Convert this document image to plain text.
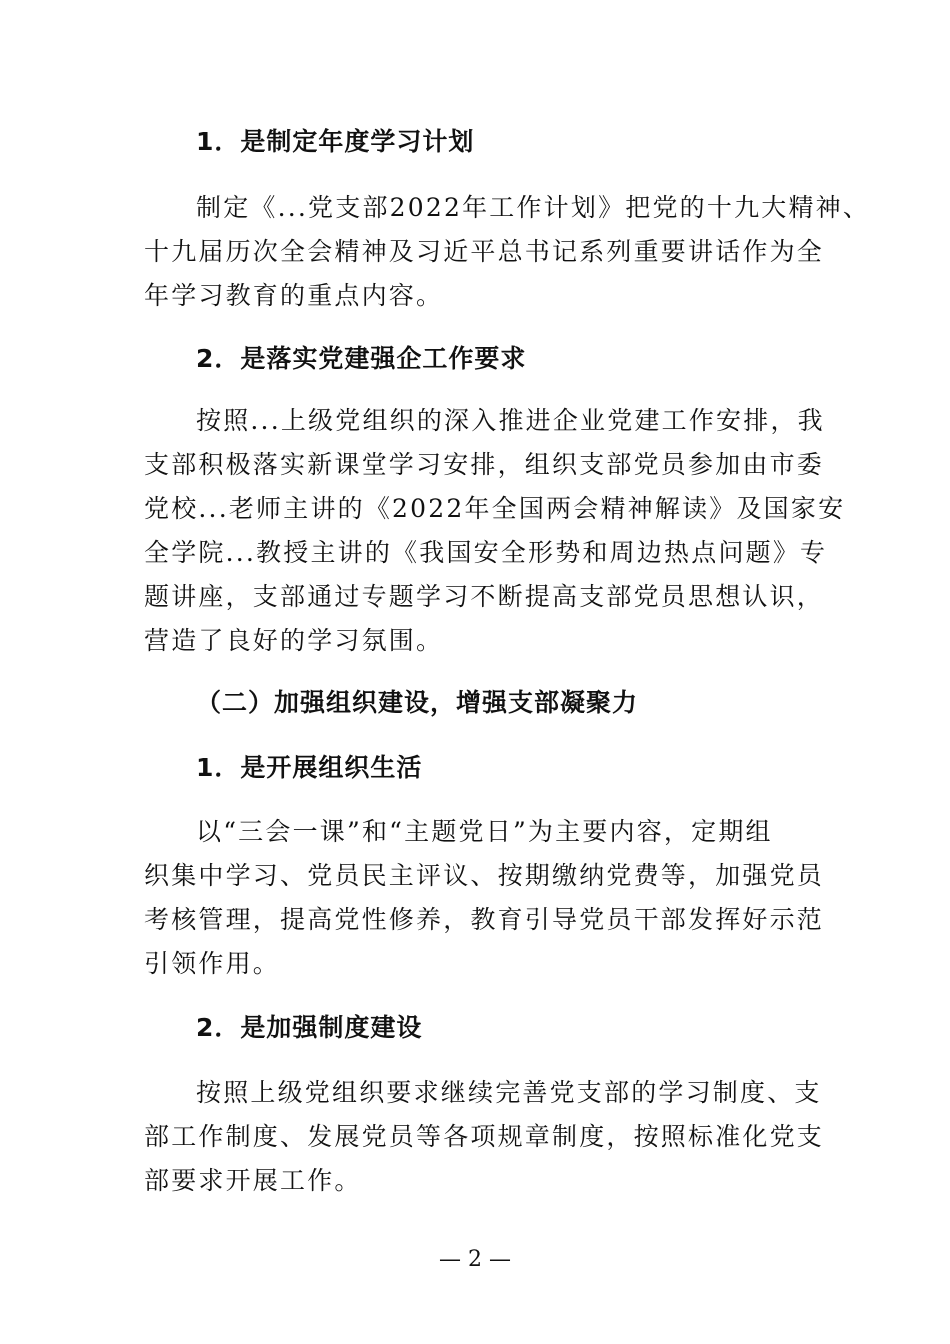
1．是制定年度学习计划
制定《...党支部2022年工作计划》把党的十九大精神、
十九届历次全会精神及习近平总书记系列重要讲话作为全
年学习教育的重点内容。
2．是落实党建强企工作要求
按照...上级党组织的深入推进企业党建工作安排，我
支部积极落实新课堂学习安排，组织支部党员参加由市委
党校...老师主讲的《2022年全国两会精神解读》及国家安
全学院...教授主讲的《我国安全形势和周边热点问题》专
题讲座，支部通过专题学习不断提高支部党员思想认识，
营造了良好的学习氛围。
（二）加强组织建设，增强支部凝聚力
1．是开展组织生活
以“三会一课”和“主题党日”为主要内容，定期组
织集中学习、党员民主评议、按期缴纳党费等，加强党员
考核管理，提高党性修养，教育引导党员干部发挥好示范
引领作用。
2．是加强制度建设
按照上级党组织要求继续完善党支部的学习制度、支
部工作制度、发展党员等各项规章制度，按照标准化党支
部要求开展工作。
— 2 —
